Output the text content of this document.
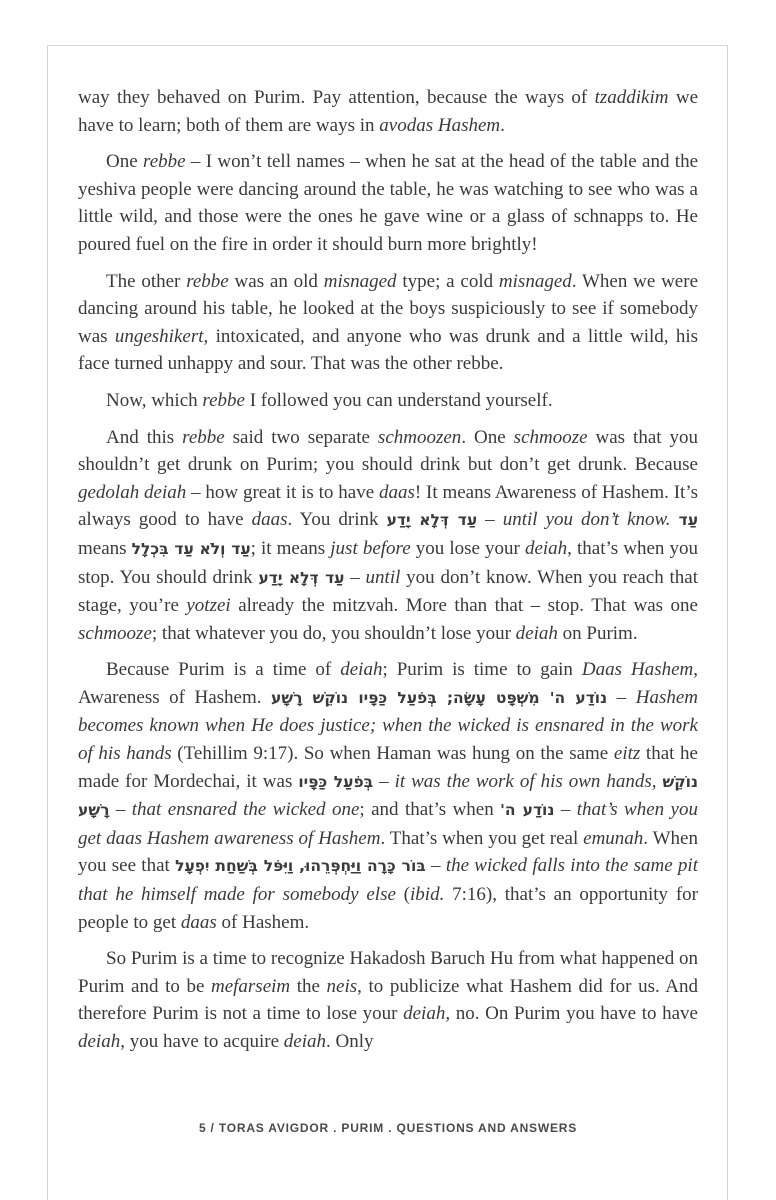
way they behaved on Purim. Pay attention, because the ways of tzaddikim we have to learn; both of them are ways in avodas Hashem.

One rebbe – I won’t tell names – when he sat at the head of the table and the yeshiva people were dancing around the table, he was watching to see who was a little wild, and those were the ones he gave wine or a glass of schnapps to. He poured fuel on the fire in order it should burn more brightly!

The other rebbe was an old misnaged type; a cold misnaged. When we were dancing around his table, he looked at the boys suspiciously to see if somebody was ungeshikert, intoxicated, and anyone who was drunk and a little wild, his face turned unhappy and sour. That was the other rebbe.

Now, which rebbe I followed you can understand yourself.

And this rebbe said two separate schmoozen. One schmooze was that you shouldn’t get drunk on Purim; you should drink but don’t get drunk. Because gedolah deiah – how great it is to have daas! It means Awareness of Hashem. It’s always good to have daas. You drink עַד דְּלָא יָדַע – until you don’t know. עַד means עַד וְלֹא עַד בִּכְלָל; it means just before you lose your deiah, that’s when you stop. You should drink עַד דְּלָא יָדַע – until you don’t know. When you reach that stage, you’re yotzei already the mitzvah. More than that – stop. That was one schmooze; that whatever you do, you shouldn’t lose your deiah on Purim.

Because Purim is a time of deiah; Purim is time to gain Daas Hashem, Awareness of Hashem. נוֹדַע ה' מִשְׁפָּט עָשָׂה; בְּפֹעַל כַּפָּיו נוֹקֵשׁ רָשָׁע – Hashem becomes known when He does justice; when the wicked is ensnared in the work of his hands (Tehillim 9:17). So when Haman was hung on the same eitz that he made for Mordechai, it was בְּפֹעַל כַּפָּיו – it was the work of his own hands, נוֹקֵשׁ רָשָׁע – that ensnared the wicked one; and that’s when נוֹדַע ה' – that’s when you get daas Hashem awareness of Hashem. That’s when you get real emunah. When you see that בּוֹר כָּרָה וַיַּחְפְּרֵהוּ, וַיִּפֹּל בְּשַׁחַת יִפְעָל – the wicked falls into the same pit that he himself made for somebody else (ibid. 7:16), that’s an opportunity for people to get daas of Hashem.

So Purim is a time to recognize Hakadosh Baruch Hu from what happened on Purim and to be mefarseim the neis, to publicize what Hashem did for us. And therefore Purim is not a time to lose your deiah, no. On Purim you have to have deiah, you have to acquire deiah. Only

5 / TORAS AVIGDOR . PURIM . QUESTIONS AND ANSWERS
